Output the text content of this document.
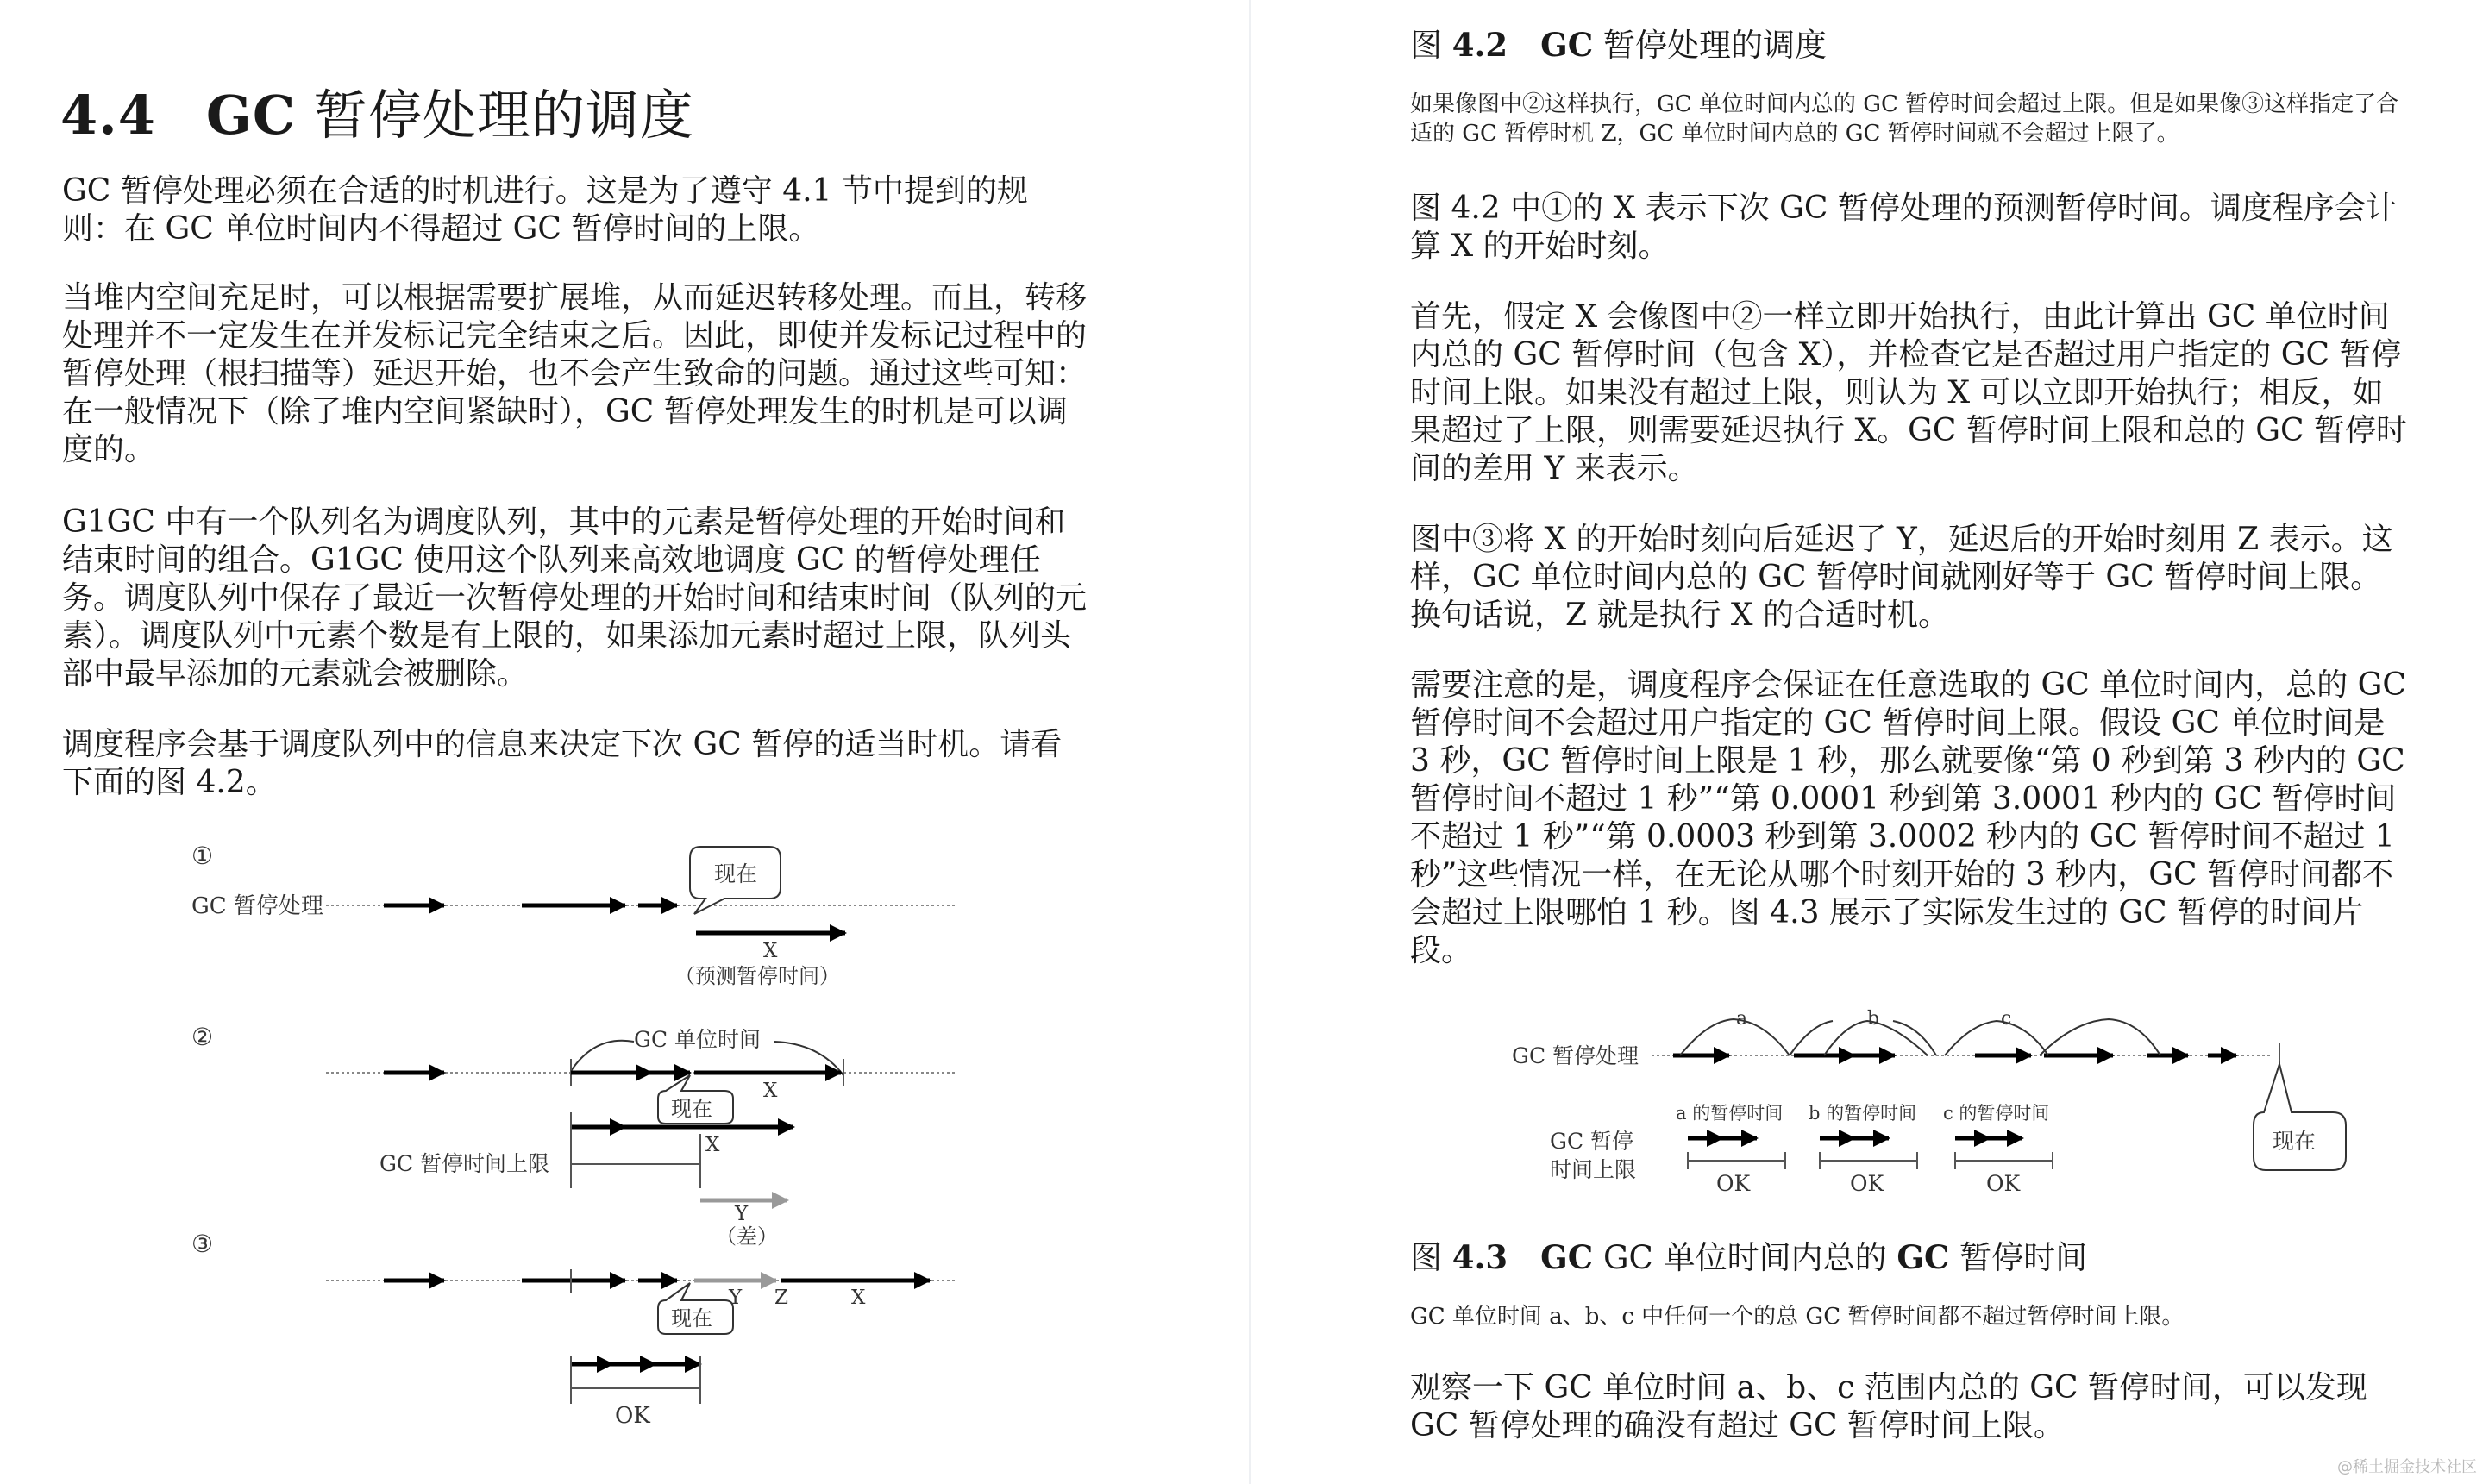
4.4 GC 暂停处理的调度

GC 暂停处理必须在合适的时机进行。这是为了遵守 4.1 节中提到的规则：在 GC 单位时间内不得超过 GC 暂停时间的上限。

当堆内空间充足时，可以根据需要扩展堆，从而延迟转移处理。而且，转移处理并不一定发生在并发标记完全结束之后。因此，即使并发标记过程中的暂停处理（根扫描等）延迟开始，也不会产生致命的问题。通过这些可知：在一般情况下（除了堆内空间紧缺时），GC 暂停处理发生的时机是可以调度的。

G1GC 中有一个队列名为调度队列，其中的元素是暂停处理的开始时间和结束时间的组合。G1GC 使用这个队列来高效地调度 GC 的暂停处理任务。调度队列中保存了最近一次暂停处理的开始时间和结束时间（队列的元素）。调度队列中元素个数是有上限的，如果添加元素时超过上限，队列头部中最早添加的元素就会被删除。

调度程序会基于调度队列中的信息来决定下次 GC 暂停的适当时机。请看下面的图 4.2。

①
GC 暂停处理
现在
X
（预测暂停时间）
②	GC 单位时间
X
现在
X
GC 暂停时间上限
Y
（差）
③
Y Z	X
现在
OK

图 4.2 GC 暂停处理的调度

如果像图中②这样执行，GC 单位时间内总的 GC 暂停时间会超过上限。但是如果像③这样指定了合适的 GC 暂停时机 Z，GC 单位时间内总的 GC 暂停时间就不会超过上限了。

图 4.2 中①的 X 表示下次 GC 暂停处理的预测暂停时间。调度程序会计算 X 的开始时刻。

首先，假定 X 会像图中②一样立即开始执行，由此计算出 GC 单位时间内总的 GC 暂停时间（包含 X），并检查它是否超过用户指定的 GC 暂停时间上限。如果没有超过上限，则认为 X 可以立即开始执行；相反，如果超过了上限，则需要延迟执行 X。GC 暂停时间上限和总的 GC 暂停时间的差用 Y 来表示。

图中③将 X 的开始时刻向后延迟了 Y，延迟后的开始时刻用 Z 表示。这样，GC 单位时间内总的 GC 暂停时间就刚好等于 GC 暂停时间上限。换句话说，Z 就是执行 X 的合适时机。

需要注意的是，调度程序会保证在任意选取的 GC 单位时间内，总的 GC 暂停时间不会超过用户指定的 GC 暂停时间上限。假设 GC 单位时间是 3 秒，GC 暂停时间上限是 1 秒，那么就要像“第 0 秒到第 3 秒内的 GC 暂停时间不超过 1 秒”“第 0.0001 秒到第 3.0001 秒内的 GC 暂停时间不超过 1 秒”“第 0.0003 秒到第 3.0002 秒内的 GC 暂停时间不超过 1 秒”这些情况一样，在无论从哪个时刻开始的 3 秒内，GC 暂停时间都不会超过上限哪怕 1 秒。图 4.3 展示了实际发生过的 GC 暂停的时间片段。

GC 暂停处理
a	b	c
a 的暂停时间 b 的暂停时间 c 的暂停时间
GC 暂停
时间上限
OK	OK	OK
现在

图 4.3 GC GC 单位时间内总的 GC 暂停时间

GC 单位时间 a、b、c 中任何一个的总 GC 暂停时间都不超过暂停时间上限。

观察一下 GC 单位时间 a、b、c 范围内总的 GC 暂停时间，可以发现 GC 暂停处理的确没有超过 GC 暂停时间上限。

@稀土掘金技术社区
